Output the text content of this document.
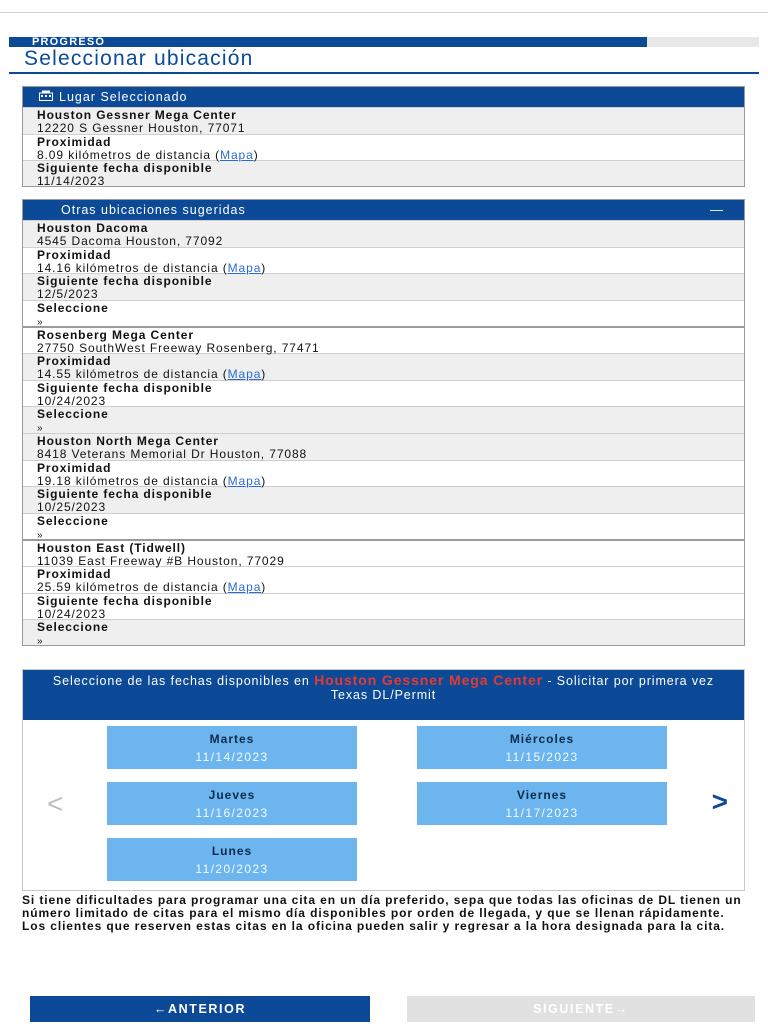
PROGRESO
Seleccionar ubicación
Lugar Seleccionado
Houston Gessner Mega Center
12220 S Gessner Houston, 77071
Proximidad
8.09 kilómetros de distancia (Mapa)
Siguiente fecha disponible
11/14/2023
Otras ubicaciones sugeridas	—
Houston Dacoma
4545 Dacoma Houston, 77092
Proximidad
14.16 kilómetros de distancia (Mapa)
Siguiente fecha disponible
12/5/2023
Seleccione
»
Rosenberg Mega Center
27750 SouthWest Freeway Rosenberg, 77471
Proximidad
14.55 kilómetros de distancia (Mapa)
Siguiente fecha disponible
10/24/2023
Seleccione
»
Houston North Mega Center
8418 Veterans Memorial Dr Houston, 77088
Proximidad
19.18 kilómetros de distancia (Mapa)
Siguiente fecha disponible
10/25/2023
Seleccione
»
Houston East (Tidwell)
11039 East Freeway #B Houston, 77029
Proximidad
25.59 kilómetros de distancia (Mapa)
Siguiente fecha disponible
10/24/2023
Seleccione
»
Seleccione de las fechas disponibles en Houston Gessner Mega Center - Solicitar por primera vez Texas DL/Permit
<	>
Martes
11/14/2023
Miércoles
11/15/2023
Jueves
11/16/2023
Viernes
11/17/2023
Lunes
11/20/2023
Si tiene dificultades para programar una cita en un día preferido, sepa que todas las oficinas de DL tienen un número limitado de citas para el mismo día disponibles por orden de llegada, y que se llenan rápidamente. Los clientes que reserven estas citas en la oficina pueden salir y regresar a la hora designada para la cita.
←ANTERIOR	SIGUIENTE→
